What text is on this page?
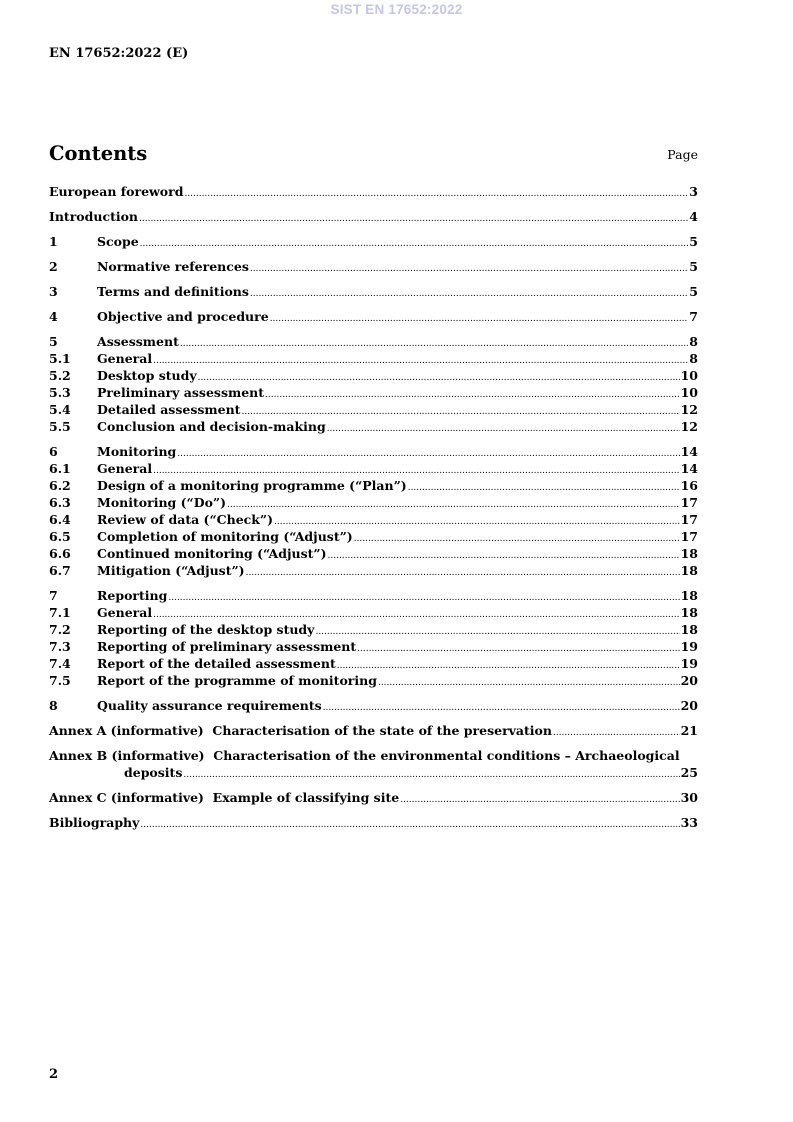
SIST EN 17652:2022
EN 17652:2022 (E)
Contents	Page
European foreword .....	3
Introduction .....	4
1	Scope .....	5
2	Normative references .....	5
3	Terms and definitions .....	5
4	Objective and procedure .....	7
5	Assessment .....	8
5.1	General .....	8
5.2	Desktop study .....	10
5.3	Preliminary assessment .....	10
5.4	Detailed assessment .....	12
5.5	Conclusion and decision-making .....	12
6	Monitoring .....	14
6.1	General .....	14
6.2	Design of a monitoring programme (“Plan”) .....	16
6.3	Monitoring (“Do”) .....	17
6.4	Review of data (“Check”) .....	17
6.5	Completion of monitoring (“Adjust”) .....	17
6.6	Continued monitoring (“Adjust”) .....	18
6.7	Mitigation (“Adjust”) .....	18
7	Reporting .....	18
7.1	General .....	18
7.2	Reporting of the desktop study .....	18
7.3	Reporting of preliminary assessment .....	19
7.4	Report of the detailed assessment .....	19
7.5	Report of the programme of monitoring .....	20
8	Quality assurance requirements .....	20
Annex A (informative)  Characterisation of the state of the preservation .....	21
Annex B (informative)  Characterisation of the environmental conditions – Archaeological
deposits .....	25
Annex C (informative)  Example of classifying site .....	30
Bibliography .....	33
2
